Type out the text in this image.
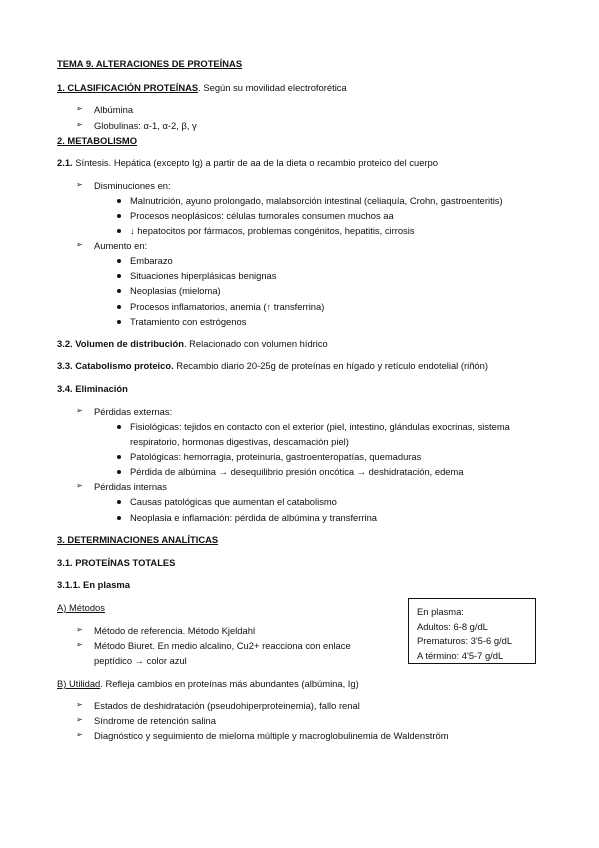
TEMA 9. ALTERACIONES DE PROTEÍNAS
1. CLASIFICACIÓN PROTEÍNAS. Según su movilidad electroforética
➢ Albúmina
➢ Globulinas: α-1, α-2, β, γ
2. METABOLISMO
2.1. Síntesis. Hepática (excepto Ig) a partir de aa de la dieta o recambio proteico del cuerpo
➢ Disminuciones en:
Malnutrición, ayuno prolongado, malabsorción intestinal (celiaquía, Crohn, gastroenteritis)
Procesos neoplásicos: células tumorales consumen muchos aa
↓ hepatocitos por fármacos, problemas congénitos, hepatitis, cirrosis
➢ Aumento en:
Embarazo
Situaciones hiperplásicas benignas
Neoplasias (mieloma)
Procesos inflamatorios, anemia (↑ transferrina)
Tratamiento con estrógenos
3.2. Volumen de distribución. Relacionado con volumen hídrico
3.3. Catabolismo proteico. Recambio diario 20-25g de proteínas en hígado y retículo endotelial (riñón)
3.4. Eliminación
➢ Pérdidas externas:
Fisiológicas: tejidos en contacto con el exterior (piel, intestino, glándulas exocrinas, sistema
respiratorio, hormonas digestivas, descamación piel)
Patológicas: hemorragia, proteinuria, gastroenteropatías, quemaduras
Pérdida de albúmina → desequilibrio presión oncótica → deshidratación, edema
➢ Pérdidas internas
Causas patológicas que aumentan el catabolismo
Neoplasia e inflamación: pérdida de albúmina y transferrina
3. DETERMINACIONES ANALÍTICAS
3.1. PROTEÍNAS TOTALES
3.1.1. En plasma
A) Métodos
➢ Método de referencia. Método Kjeldahl
➢ Método Biuret. En medio alcalino, Cu2+ reacciona con enlace
peptídico → color azul
En plasma:
Adultos: 6-8 g/dL
Prematuros: 3'5-6 g/dL
A término: 4'5-7 g/dL
B) Utilidad. Refleja cambios en proteínas más abundantes (albúmina, Ig)
➢ Estados de deshidratación (pseudohiperproteinemia), fallo renal
➢ Síndrome de retención salina
➢ Diagnóstico y seguimiento de mieloma múltiple y macroglobulinemia de Waldenström
